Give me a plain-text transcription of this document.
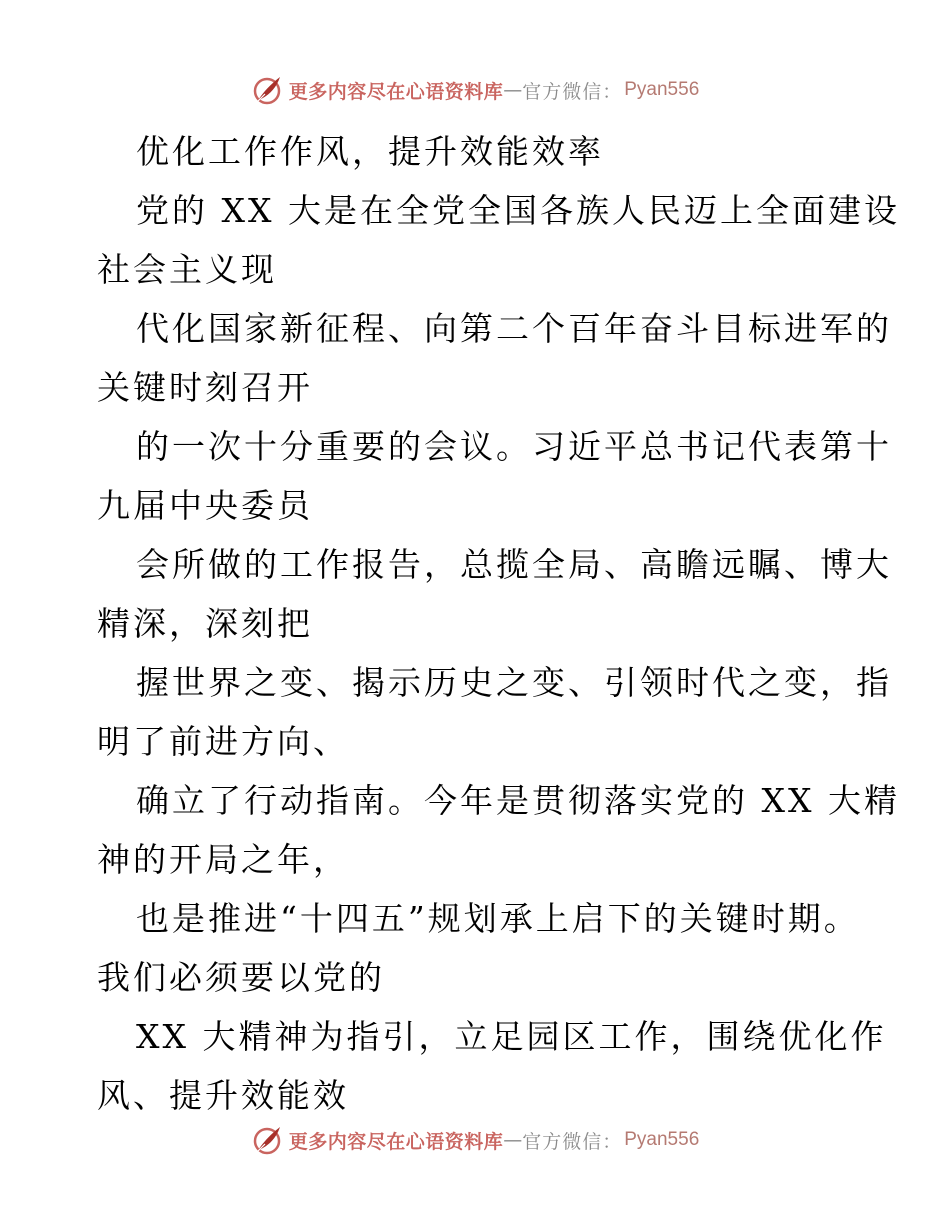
更多内容尽在心语资料库 — 官方微信： Pyan556
优化工作作风，提升效能效率
党的 XX 大是在全党全国各族人民迈上全面建设
社会主义现
代化国家新征程、向第二个百年奋斗目标进军的
关键时刻召开
的一次十分重要的会议。习近平总书记代表第十
九届中央委员
会所做的工作报告，总揽全局、高瞻远瞩、博大
精深，深刻把
握世界之变、揭示历史之变、引领时代之变，指
明了前进方向、
确立了行动指南。今年是贯彻落实党的 XX 大精
神的开局之年，
也是推进“十四五”规划承上启下的关键时期。
我们必须要以党的
XX 大精神为指引，立足园区工作，围绕优化作
风、提升效能效
更多内容尽在心语资料库 — 官方微信： Pyan556
